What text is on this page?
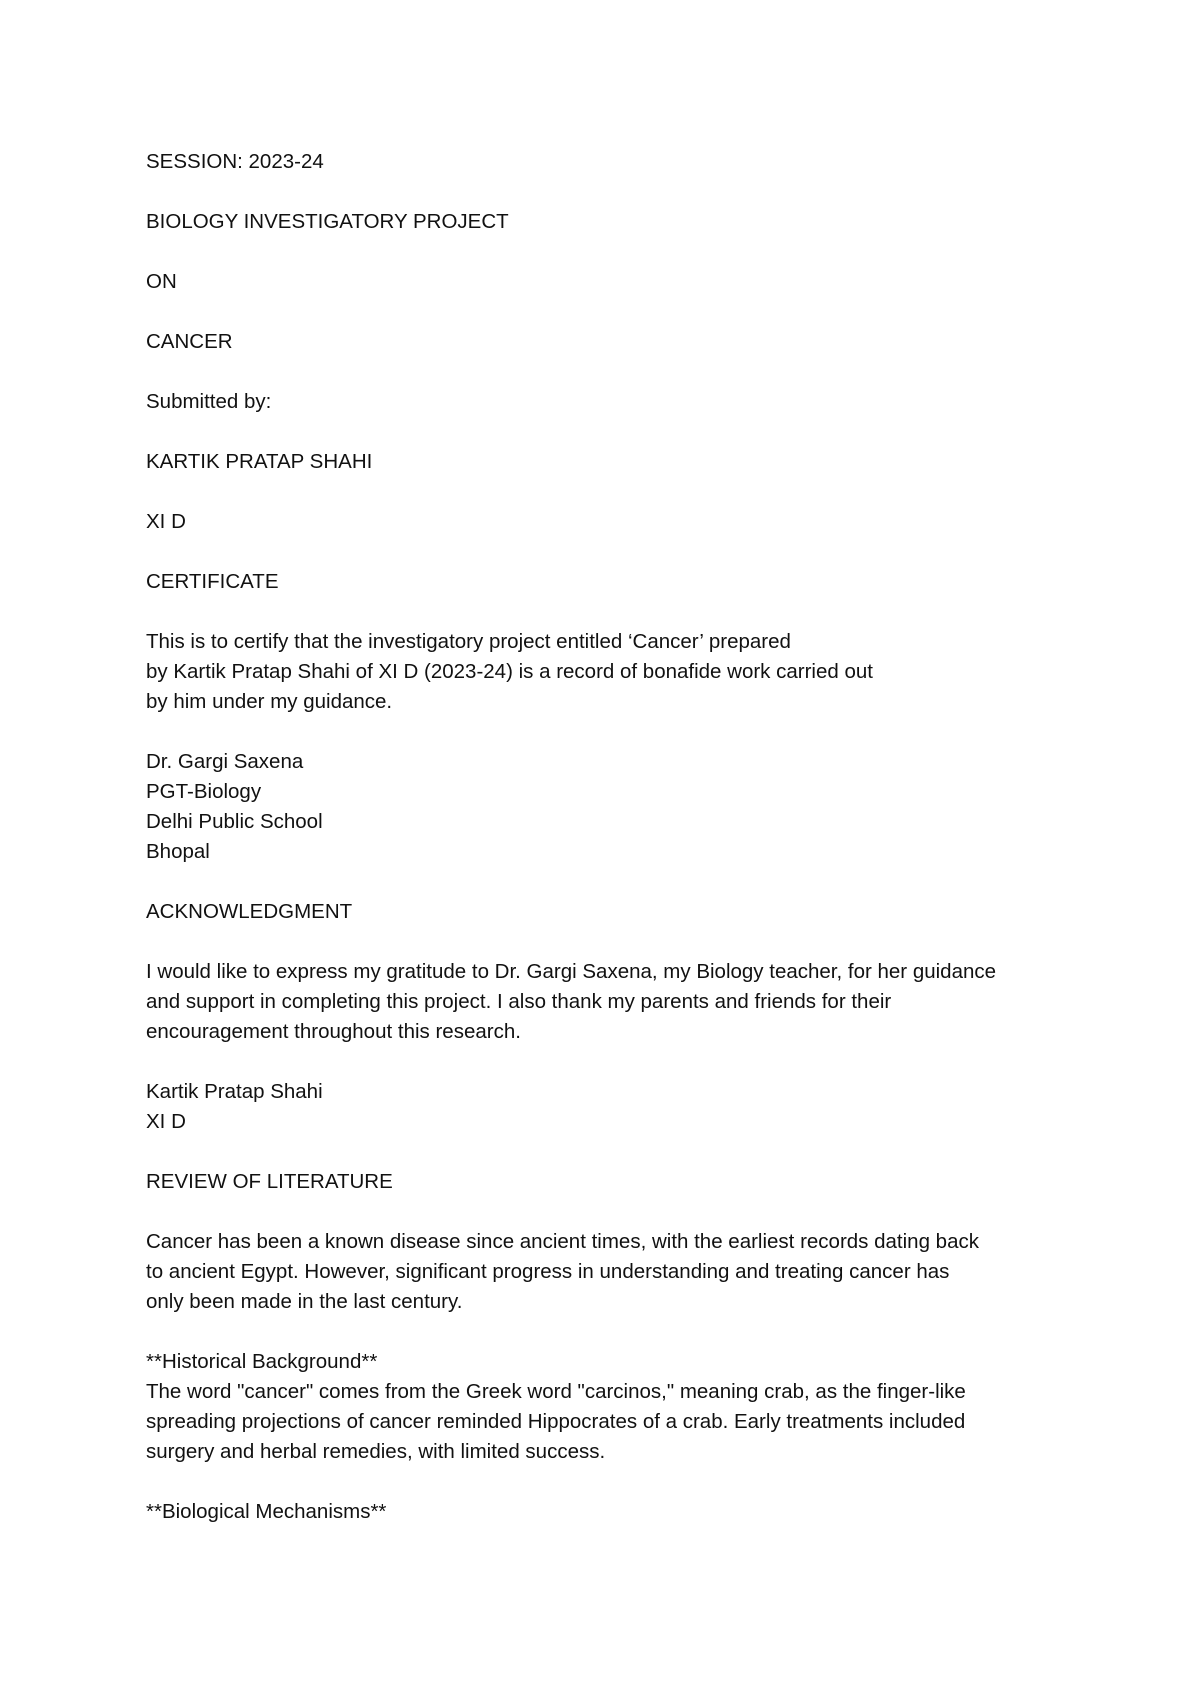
SESSION: 2023-24

BIOLOGY INVESTIGATORY PROJECT

ON

CANCER

Submitted by:

KARTIK PRATAP SHAHI

XI D

CERTIFICATE

This is to certify that the investigatory project entitled ‘Cancer’ prepared
by Kartik Pratap Shahi of XI D (2023-24) is a record of bonafide work carried out
by him under my guidance.

Dr. Gargi Saxena
PGT-Biology
Delhi Public School
Bhopal

ACKNOWLEDGMENT

I would like to express my gratitude to Dr. Gargi Saxena, my Biology teacher, for her guidance
and support in completing this project. I also thank my parents and friends for their
encouragement throughout this research.

Kartik Pratap Shahi
XI D

REVIEW OF LITERATURE

Cancer has been a known disease since ancient times, with the earliest records dating back
to ancient Egypt. However, significant progress in understanding and treating cancer has
only been made in the last century.

**Historical Background**
The word "cancer" comes from the Greek word "carcinos," meaning crab, as the finger-like
spreading projections of cancer reminded Hippocrates of a crab. Early treatments included
surgery and herbal remedies, with limited success.

**Biological Mechanisms**
